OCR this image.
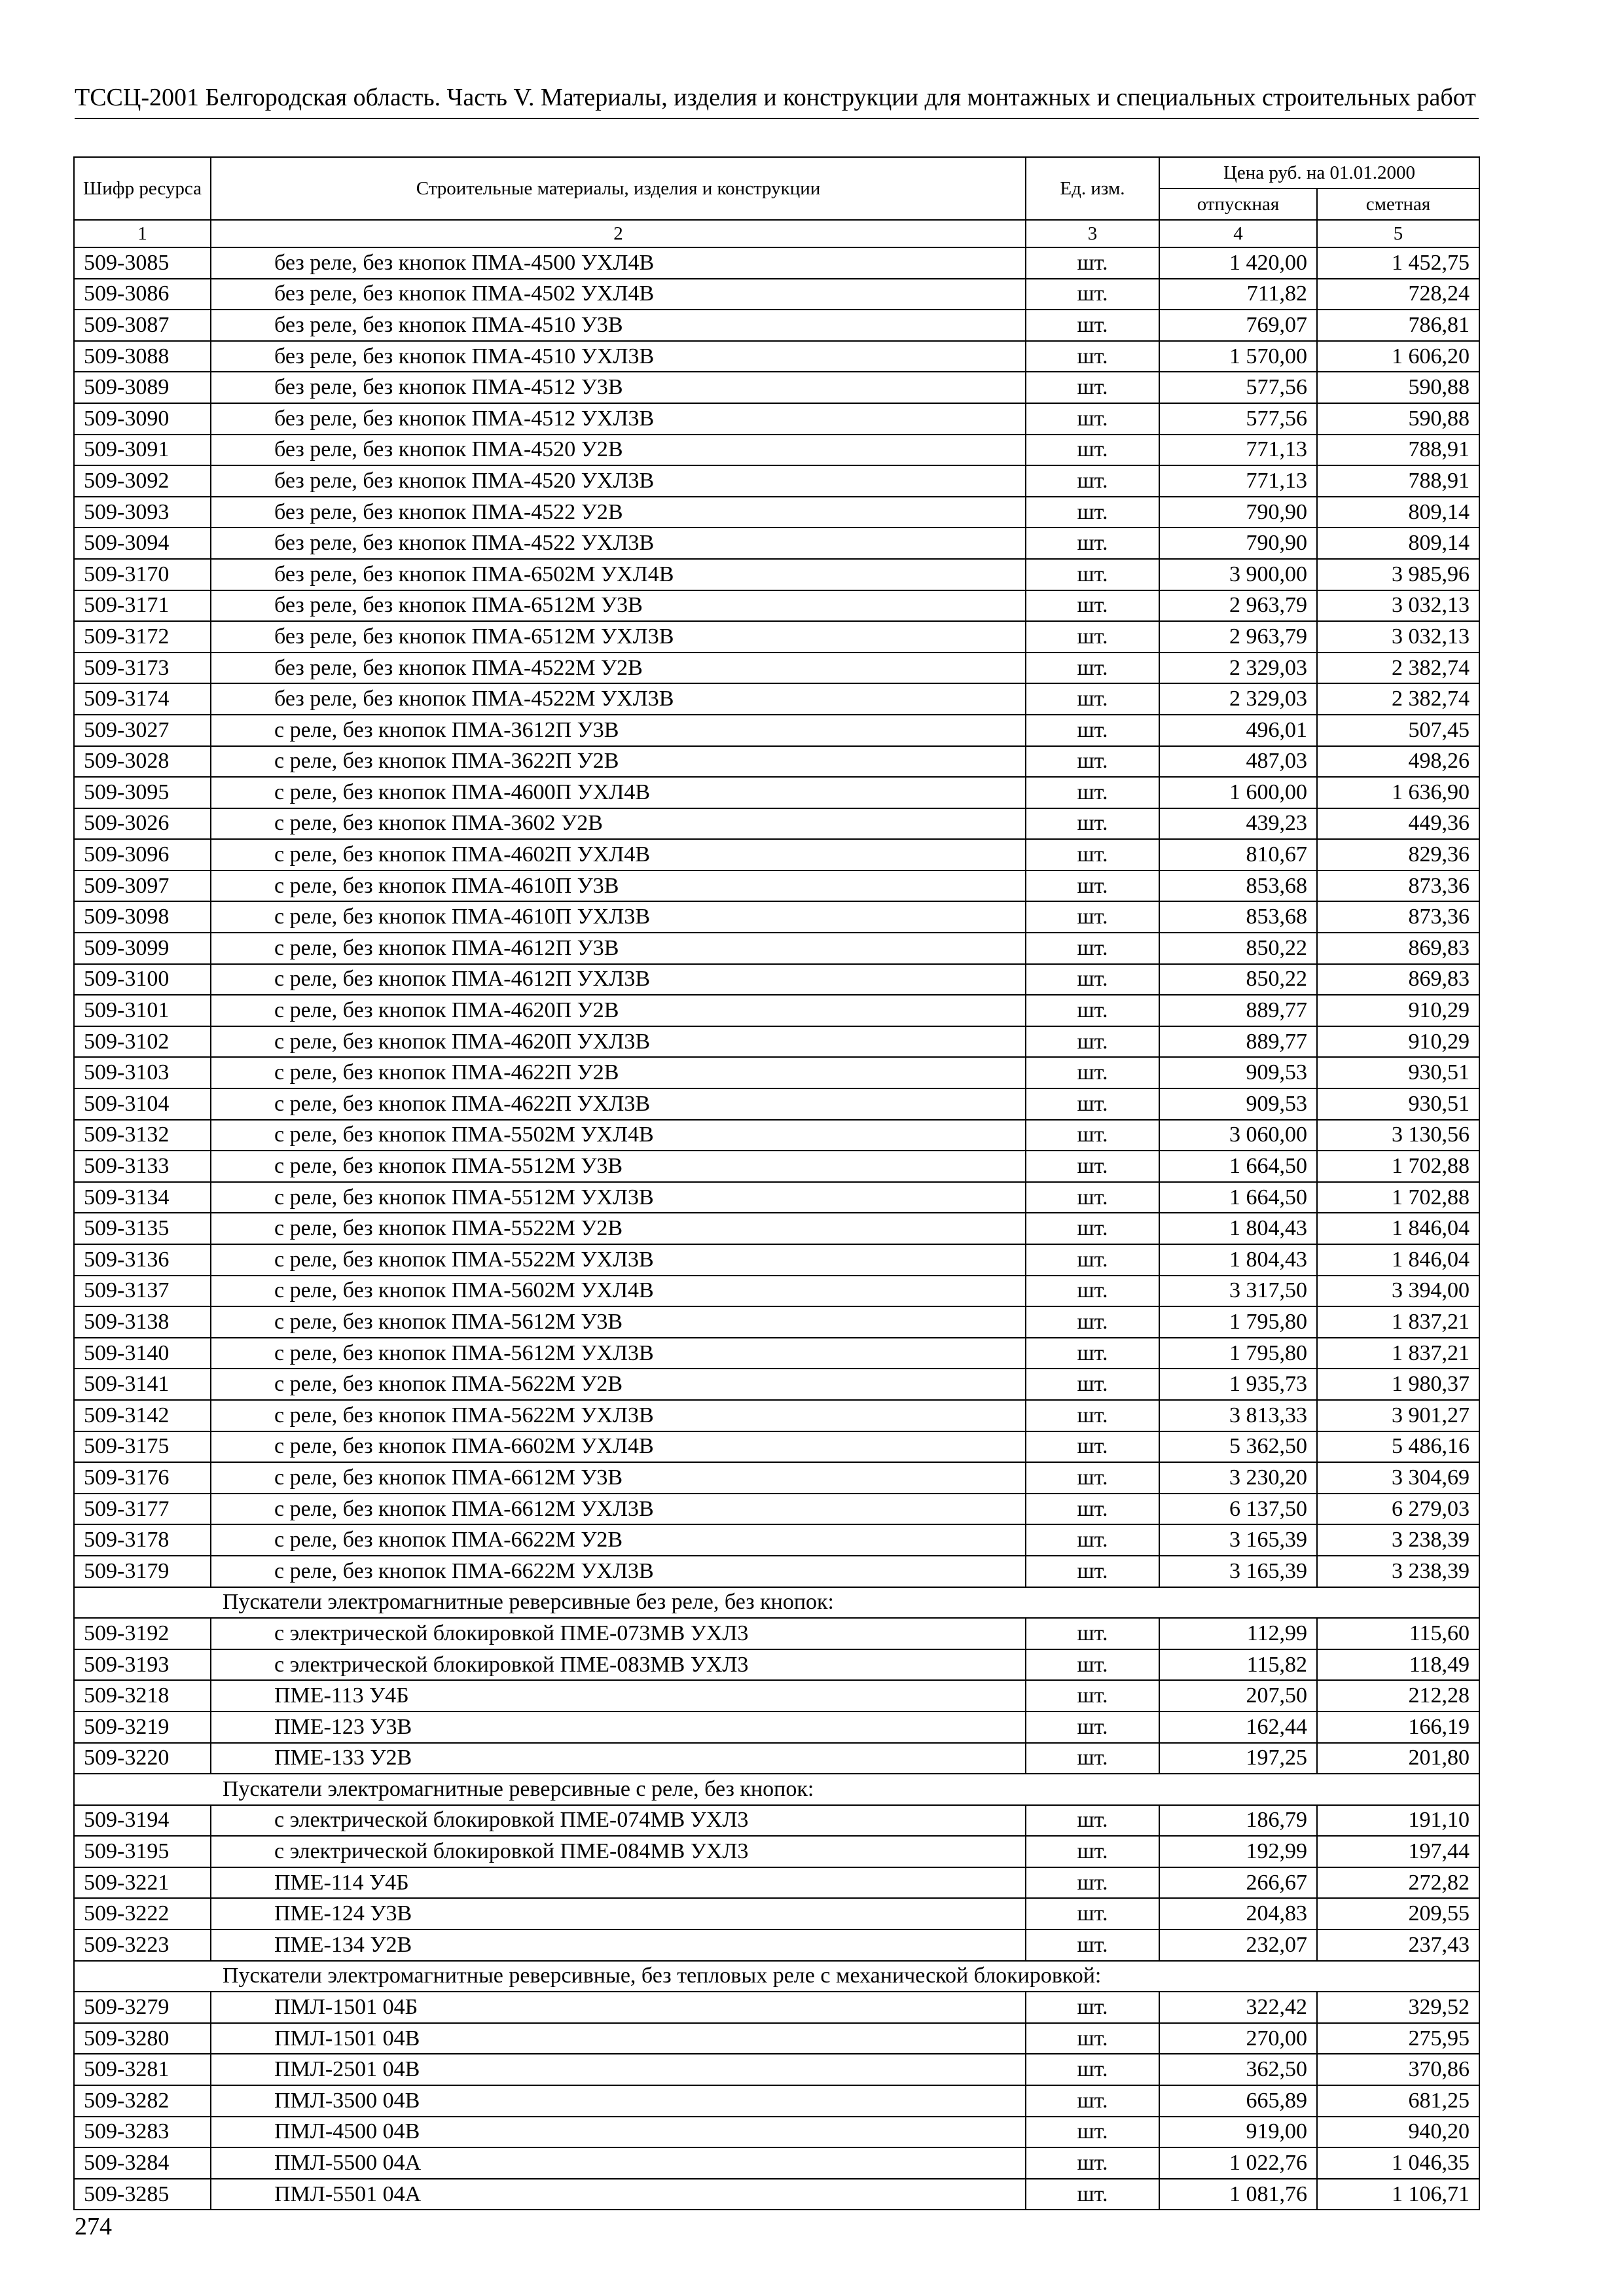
ТССЦ-2001 Белгородская область. Часть V. Материалы, изделия и конструкции для монтажных и специальных строительных работ
Шифр ресурса	Строительные материалы, изделия и конструкции	Ед. изм.	Цена руб. на 01.01.2000	
			отпускная	сметная
1	2	3	4	5
509-3085	без реле, без кнопок ПМА-4500 УХЛ4В	шт.	1 420,00	1 452,75
509-3086	без реле, без кнопок ПМА-4502 УХЛ4В	шт.	711,82	728,24
509-3087	без реле, без кнопок ПМА-4510 У3В	шт.	769,07	786,81
509-3088	без реле, без кнопок ПМА-4510 УХЛ3В	шт.	1 570,00	1 606,20
509-3089	без реле, без кнопок ПМА-4512 У3В	шт.	577,56	590,88
509-3090	без реле, без кнопок ПМА-4512 УХЛ3В	шт.	577,56	590,88
509-3091	без реле, без кнопок ПМА-4520 У2В	шт.	771,13	788,91
509-3092	без реле, без кнопок ПМА-4520 УХЛ3В	шт.	771,13	788,91
509-3093	без реле, без кнопок ПМА-4522 У2В	шт.	790,90	809,14
509-3094	без реле, без кнопок ПМА-4522 УХЛ3В	шт.	790,90	809,14
509-3170	без реле, без кнопок ПМА-6502М УХЛ4В	шт.	3 900,00	3 985,96
509-3171	без реле, без кнопок ПМА-6512М У3В	шт.	2 963,79	3 032,13
509-3172	без реле, без кнопок ПМА-6512М УХЛ3В	шт.	2 963,79	3 032,13
509-3173	без реле, без кнопок ПМА-4522М У2В	шт.	2 329,03	2 382,74
509-3174	без реле, без кнопок ПМА-4522М УХЛ3В	шт.	2 329,03	2 382,74
509-3027	с реле, без кнопок ПМА-3612П У3В	шт.	496,01	507,45
509-3028	с реле, без кнопок ПМА-3622П У2В	шт.	487,03	498,26
509-3095	с реле, без кнопок ПМА-4600П УХЛ4В	шт.	1 600,00	1 636,90
509-3026	с реле, без кнопок ПМА-3602 У2В	шт.	439,23	449,36
509-3096	с реле, без кнопок ПМА-4602П УХЛ4В	шт.	810,67	829,36
509-3097	с реле, без кнопок ПМА-4610П У3В	шт.	853,68	873,36
509-3098	с реле, без кнопок ПМА-4610П УХЛ3В	шт.	853,68	873,36
509-3099	с реле, без кнопок ПМА-4612П У3В	шт.	850,22	869,83
509-3100	с реле, без кнопок ПМА-4612П УХЛ3В	шт.	850,22	869,83
509-3101	с реле, без кнопок ПМА-4620П У2В	шт.	889,77	910,29
509-3102	с реле, без кнопок ПМА-4620П УХЛ3В	шт.	889,77	910,29
509-3103	с реле, без кнопок ПМА-4622П У2В	шт.	909,53	930,51
509-3104	с реле, без кнопок ПМА-4622П УХЛ3В	шт.	909,53	930,51
509-3132	с реле, без кнопок ПМА-5502М УХЛ4В	шт.	3 060,00	3 130,56
509-3133	с реле, без кнопок ПМА-5512М У3В	шт.	1 664,50	1 702,88
509-3134	с реле, без кнопок ПМА-5512М УХЛ3В	шт.	1 664,50	1 702,88
509-3135	с реле, без кнопок ПМА-5522М У2В	шт.	1 804,43	1 846,04
509-3136	с реле, без кнопок ПМА-5522М УХЛ3В	шт.	1 804,43	1 846,04
509-3137	с реле, без кнопок ПМА-5602М УХЛ4В	шт.	3 317,50	3 394,00
509-3138	с реле, без кнопок ПМА-5612М У3В	шт.	1 795,80	1 837,21
509-3140	с реле, без кнопок ПМА-5612М УХЛ3В	шт.	1 795,80	1 837,21
509-3141	с реле, без кнопок ПМА-5622М У2В	шт.	1 935,73	1 980,37
509-3142	с реле, без кнопок ПМА-5622М УХЛ3В	шт.	3 813,33	3 901,27
509-3175	с реле, без кнопок ПМА-6602М УХЛ4В	шт.	5 362,50	5 486,16
509-3176	с реле, без кнопок ПМА-6612М У3В	шт.	3 230,20	3 304,69
509-3177	с реле, без кнопок ПМА-6612М УХЛ3В	шт.	6 137,50	6 279,03
509-3178	с реле, без кнопок ПМА-6622М У2В	шт.	3 165,39	3 238,39
509-3179	с реле, без кнопок ПМА-6622М УХЛ3В	шт.	3 165,39	3 238,39
Пускатели электромагнитные реверсивные без реле, без кнопок:				
509-3192	с электрической блокировкой ПМЕ-073МВ УХЛ3	шт.	112,99	115,60
509-3193	с электрической блокировкой ПМЕ-083МВ УХЛ3	шт.	115,82	118,49
509-3218	ПМЕ-113 У4Б	шт.	207,50	212,28
509-3219	ПМЕ-123 У3В	шт.	162,44	166,19
509-3220	ПМЕ-133 У2В	шт.	197,25	201,80
Пускатели электромагнитные реверсивные с реле, без кнопок:				
509-3194	с электрической блокировкой ПМЕ-074МВ УХЛ3	шт.	186,79	191,10
509-3195	с электрической блокировкой ПМЕ-084МВ УХЛ3	шт.	192,99	197,44
509-3221	ПМЕ-114 У4Б	шт.	266,67	272,82
509-3222	ПМЕ-124 У3В	шт.	204,83	209,55
509-3223	ПМЕ-134 У2В	шт.	232,07	237,43
Пускатели электромагнитные реверсивные, без тепловых реле с механической блокировкой:				
509-3279	ПМЛ-1501 04Б	шт.	322,42	329,52
509-3280	ПМЛ-1501 04В	шт.	270,00	275,95
509-3281	ПМЛ-2501 04В	шт.	362,50	370,86
509-3282	ПМЛ-3500 04В	шт.	665,89	681,25
509-3283	ПМЛ-4500 04В	шт.	919,00	940,20
509-3284	ПМЛ-5500 04А	шт.	1 022,76	1 046,35
509-3285	ПМЛ-5501 04А	шт.	1 081,76	1 106,71
274
